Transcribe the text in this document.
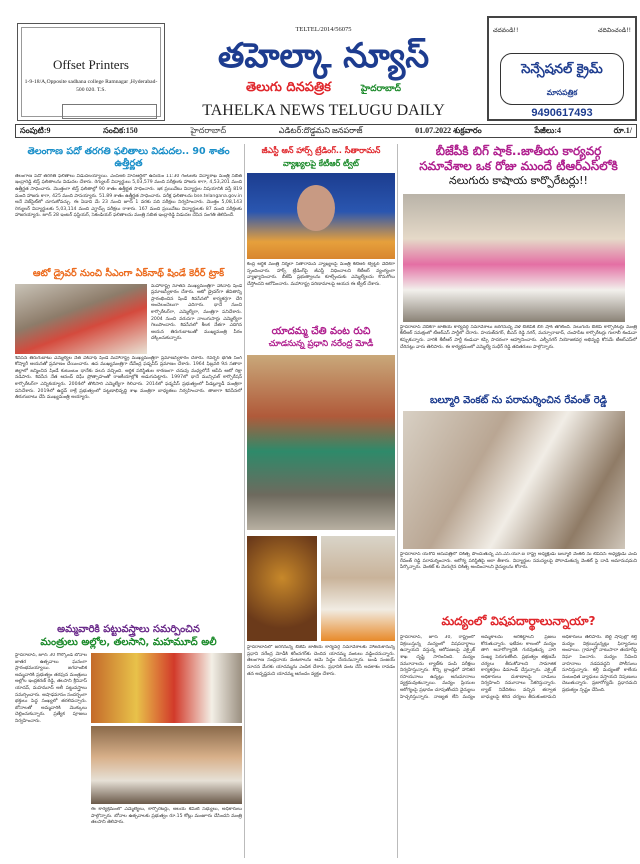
Offset Printers
1-9-18/A,Opposite sadhana college Ramnagar ,Hyderabad-500 020. T.S.
TELTEL/2014/56075
తహెల్కా న్యూస్
తెలుగు దినపత్రిక	హైదరాబాద్
TAHELKA NEWS TELUGU DAILY
చదవండి!!	చదివించండి!!
సెన్సేషనల్ క్రైమ్
మాసపత్రిక
9490617493
సంపుటి:9	సంచిక:150	హైదరాబాద్	ఎడిటర్:దొడ్డమని జనపరాజ్	01.07.2022 శుక్రవారం	పేజీలు:4	రూ.1/
తెలంగాణ పదో తరగతి ఫలితాలు విడుదల.. 90 శాతం ఉత్తీర్ణత
తెలంగాణ పదో తరగతి ఫలితాలు విడుదలయ్యాయి. ఎంసీఆర్ హెచ్ఆర్డీలో ఉదయం 11:30 గంటలకు విద్యాశాఖ మంత్రి సబిత ఇంద్రారెడ్డి టెన్త్ ఫలితాలను విడుదల చేశారు. రెగ్యులర్ విద్యార్థులు 5,03,579 మంది పరీక్షలకు హాజరు కాగా, 4,53,201 మంది ఉత్తీర్ణత సాధించారు. మొత్తంగా టెన్త్ ఫలితాల్లో 90 శాతం ఉత్తీర్ణత సాధించారు. ఇక ప్రయివేటు విద్యార్థుల విషయానికి వస్తే 819 మంది హాజరు కాగా, 425 మంది పాసయ్యారు. 51.89 శాతం ఉత్తీర్ణత సాధించారు. పరీక్ష ఫలితాలను bse.telangana.gov.in అనే వెబ్‌సైట్‌లో చూసుకోవచ్చు. ఈ ఏడాది మే 23 నుంచి జూన్ 1 వరకు పది పరీక్షలు నిర్వహించారు. మొత్తం 5,08,143 రెగ్యులర్ విద్యార్థులకు 5,03,114 మంది ఎగ్జామ్స్ పరీక్షలు రాశారు. 167 మంది ప్రయివేటు విద్యార్థులకు 87 మంది పరీక్షలకు హాజరయ్యారు. జూన్ 28 ఇంటర్ ఫస్టియర్, సెకండియర్ ఫలితాలను మంత్రి సబిత ఇంద్రారెడ్డి విడుదల చేసిన సంగతి తెలిసిందే.
ఆటో డ్రైవర్ నుంచి సీఎంగా ఏక్‌నాథ్ షిండే కెరీర్ ట్రాక్
మహారాష్ట్ర నూతన ముఖ్యమంత్రిగా ఏక్‌నాథ్ షిండే ప్రమాణస్వీకారం చేశారు. ఆటో డ్రైవర్‌గా జీవితాన్ని ప్రారంభించిన షిండే శివసేనలో కార్యకర్తగా చేరి అంచెలంచెలుగా ఎదిగారు. థానే నుంచి కార్పొరేటర్‌గా, ఎమ్మెల్యేగా, మంత్రిగా పనిచేశారు. 2004 నుంచి వరుసగా నాలుగుసార్లు ఎమ్మెల్యేగా గెలుపొందారు. శివసేనలో కీలక నేతగా ఎదిగిన ఆయన తిరుగుబాటుతో ముఖ్యమంత్రి పీఠం దక్కించుకున్నారు.
శివసేన తిరుగుబాటు ఎమ్మెల్యేల నేత ఏక్‌నాథ్ షిండే మహారాష్ట్ర ముఖ్యమంత్రిగా ప్రమాణస్వీకారం చేశారు. గవర్నర్ భగత్ సింగ్ కోష్యారీ ఆయనతో ప్రమాణం చేయించారు. ఉప ముఖ్యమంత్రిగా దేవేంద్ర ఫడ్నవీస్ ప్రమాణం చేశారు. 1964 ఫిబ్రవరి 9న సతారా జిల్లాలో జన్మించిన షిండే కుటుంబం థానేకు వలస వచ్చింది. ఆర్థిక పరిస్థితుల కారణంగా చదువు మధ్యలోనే ఆపేసి ఆటో రిక్షా నడిపారు. శివసేన నేత ఆనంద్ దిఘే ప్రోత్సాహంతో రాజకీయాల్లోకి అడుగుపెట్టారు. 1997లో థానే మున్సిపల్ కార్పొరేషన్ కార్పొరేటర్‌గా ఎన్నికయ్యారు. 2004లో తొలిసారి ఎమ్మెల్యేగా గెలిచారు. 2014లో ఫడ్నవీస్ ప్రభుత్వంలో పీడబ్ల్యూడీ మంత్రిగా పనిచేశారు. 2019లో ఉద్ధవ్ ఠాక్రే ప్రభుత్వంలో పట్టణాభివృద్ధి శాఖ మంత్రిగా బాధ్యతలు నిర్వహించారు. తాజాగా శివసేనలో తిరుగుబాటు చేసి ముఖ్యమంత్రి అయ్యారు.
అమ్మవారికి పట్టువస్త్రాలు సమర్పించిన
మంత్రులు అల్లోల, తలసాని, మహమూద్ అలీ
హైదరాబాద్, జూన్ 30 గోల్కొండ బోనాల జాతర ఉత్సవాలు ఘనంగా ప్రారంభమయ్యాయి. జగదాంబిక అమ్మవారికి ప్రభుత్వం తరఫున మంత్రులు అల్లోల ఇంద్రకరణ్ రెడ్డి, తలసాని శ్రీనివాస్ యాదవ్, మహమూద్ అలీ పట్టువస్త్రాలు సమర్పించారు. ఆషాఢమాసం సందర్భంగా భక్తులు పెద్ద సంఖ్యలో తరలివచ్చారు. బోనాలతో అమ్మవారికి మొక్కులు చెల్లించుకున్నారు. ప్రత్యేక పూజలు నిర్వహించారు.
ఈ కార్యక్రమంలో ఎమ్మెల్యేలు, కార్పొరేటర్లు, ఆలయ కమిటీ సభ్యులు, అధికారులు పాల్గొన్నారు. బోనాల ఉత్సవాలకు ప్రభుత్వం రూ.15 కోట్లు మంజూరు చేసిందని మంత్రి తలసాని తెలిపారు.
జీఎస్టీ ఆన్ హార్స్ ట్రేడింగ్.. సీతారామన్
వ్యాఖ్యలపై కేటీఆర్ ట్వీట్
కేంద్ర ఆర్థిక మంత్రి నిర్మలా సీతారామన్ వ్యాఖ్యలపై మంత్రి కేటీఆర్ ట్విట్టర్ వేదికగా స్పందించారు. హార్స్ ట్రేడింగ్‌పై జీఎస్టీ విధించాలని కేటీఆర్ వ్యంగ్యంగా వ్యాఖ్యానించారు. బీజేపీ ప్రభుత్వాలను కూల్చేందుకు ఎమ్మెల్యేలను కొనుగోలు చేస్తోందని ఆరోపించారు. మహారాష్ట్ర పరిణామాలపై ఆయన ఈ ట్వీట్ చేశారు.
యాదమ్మ చేతి వంట రుచి
చూడనున్న ప్రధాని నరేంద్ర మోడీ
హైదరాబాద్‌లో జరగనున్న బీజేపీ జాతీయ కార్యవర్గ సమావేశాలకు హాజరుకానున్న ప్రధాని నరేంద్ర మోడీకి కరీంనగర్‌కు చెందిన యాదమ్మ వంటలు వడ్డించనున్నారు. తెలంగాణ సంప్రదాయ వంటకాలను ఆమె సిద్ధం చేయనున్నారు. బండి సంజయ్ సూచన మేరకు యాదమ్మను ఎంపిక చేశారు. ప్రధానికి వంట చేసే అవకాశం రావడం తన అదృష్టమని యాదమ్మ ఆనందం వ్యక్తం చేశారు.
బీజేపీకి బిగ్ షాక్..జాతీయ కార్యవర్గ
సమావేశాల ఒక రోజు ముందే టీఆర్ఎస్‌లోకి
నలుగురు కాషాయ కార్పొరేటర్లు!!
హైదరాబాద్ వేదికగా జాతీయ కార్యవర్గ సమావేశాలు జరగనున్న వేళ బీజేపీకి బిగ్ షాక్ తగిలింది. నలుగురు బీజేపీ కార్పొరేటర్లు మంత్రి కేటీఆర్ సమక్షంలో టీఆర్ఎస్ పార్టీలో చేరారు. హయత్‌నగర్, బీఎన్ రెడ్డి నగర్, మన్సూరాబాద్, చంపాపేట కార్పొరేటర్లు గులాబీ కండువా కప్పుకున్నారు. వారికి కేటీఆర్ పార్టీ కండువా కప్పి సాదరంగా ఆహ్వానించారు. ఎల్బీనగర్ నియోజకవర్గ అభివృద్ధి కోసమే టీఆర్ఎస్‌లో చేరినట్లు వారు తెలిపారు. ఈ కార్యక్రమంలో ఎమ్మెల్యే సుధీర్ రెడ్డి తదితరులు పాల్గొన్నారు.
బల్మూరి వెంకట్ ను పరామర్శించిన రేవంత్ రెడ్డి
హైదరాబాద్ యశోద ఆసుపత్రిలో చికిత్స పొందుతున్న ఎన్.ఎస్.యూ.ఐ రాష్ట్ర అధ్యక్షుడు బల్మూరి వెంకట్ ను టీపీసీసీ అధ్యక్షుడు ఎంపీ రేవంత్ రెడ్డి పరామర్శించారు. ఆరోగ్య పరిస్థితిపై ఆరా తీశారు. విద్యార్థుల సమస్యలపై పోరాడుతున్న వెంకట్ పై దాడి అమానుషమని పేర్కొన్నారు. వెంకట్ కు మెరుగైన చికిత్స అందించాలని వైద్యులను కోరారు.
మద్యంలో విషపదార్థాలున్నాయా?
హైదరాబాద్, జూన్ 30, రాష్ట్రంలో విక్రయిస్తున్న మద్యంలో విషపదార్థాలు ఉన్నాయని వస్తున్న ఆరోపణలపై ఎక్సైజ్ శాఖ దృష్టి సారించింది. మద్యం నమూనాలను ల్యాబ్‌కు పంపి పరీక్షలు నిర్వహిస్తున్నారు. కొన్ని బ్రాండ్లలో హానికర రసాయనాలు ఉన్నట్లు అనుమానాలు వ్యక్తమవుతున్నాయి. మద్యం ప్రియుల ఆరోగ్యంపై ప్రభావం చూపుతోందని వైద్యులు హెచ్చరిస్తున్నారు. నాణ్యత లేని మద్యం అమ్మకాలను అరికట్టాలని ప్రజలు కోరుతున్నారు. ఇటీవల కాలంలో మద్యం తాగి అనారోగ్యానికి గురవుతున్న వారి సంఖ్య పెరుగుతోంది. ప్రభుత్వం తక్షణమే చర్యలు తీసుకోవాలని సామాజిక కార్యకర్తలు డిమాండ్ చేస్తున్నారు. ఎక్సైజ్ అధికారులు దుకాణాలపై దాడులు నిర్వహించి నమూనాలు సేకరిస్తున్నారు. ల్యాబ్ నివేదికలు వచ్చిన తర్వాత బాధ్యులపై కఠిన చర్యలు తీసుకుంటామని అధికారులు తెలిపారు. బెల్ట్ షాపుల్లో కల్తీ మద్యం విక్రయిస్తున్నట్లు ఫిర్యాదులు అందాయి. గ్రామాల్లో నాటుసారా తయారీపై నిఘా పెంచారు. మద్యం సేవించి వాహనాలు నడపవద్దని పోలీసులు సూచిస్తున్నారు. కల్తీ మద్యంతో కాలేయ సంబంధిత వ్యాధులు వస్తాయని నిపుణులు చెబుతున్నారు. ప్రజారోగ్యమే ప్రధానమని ప్రభుత్వం స్పష్టం చేసింది.
